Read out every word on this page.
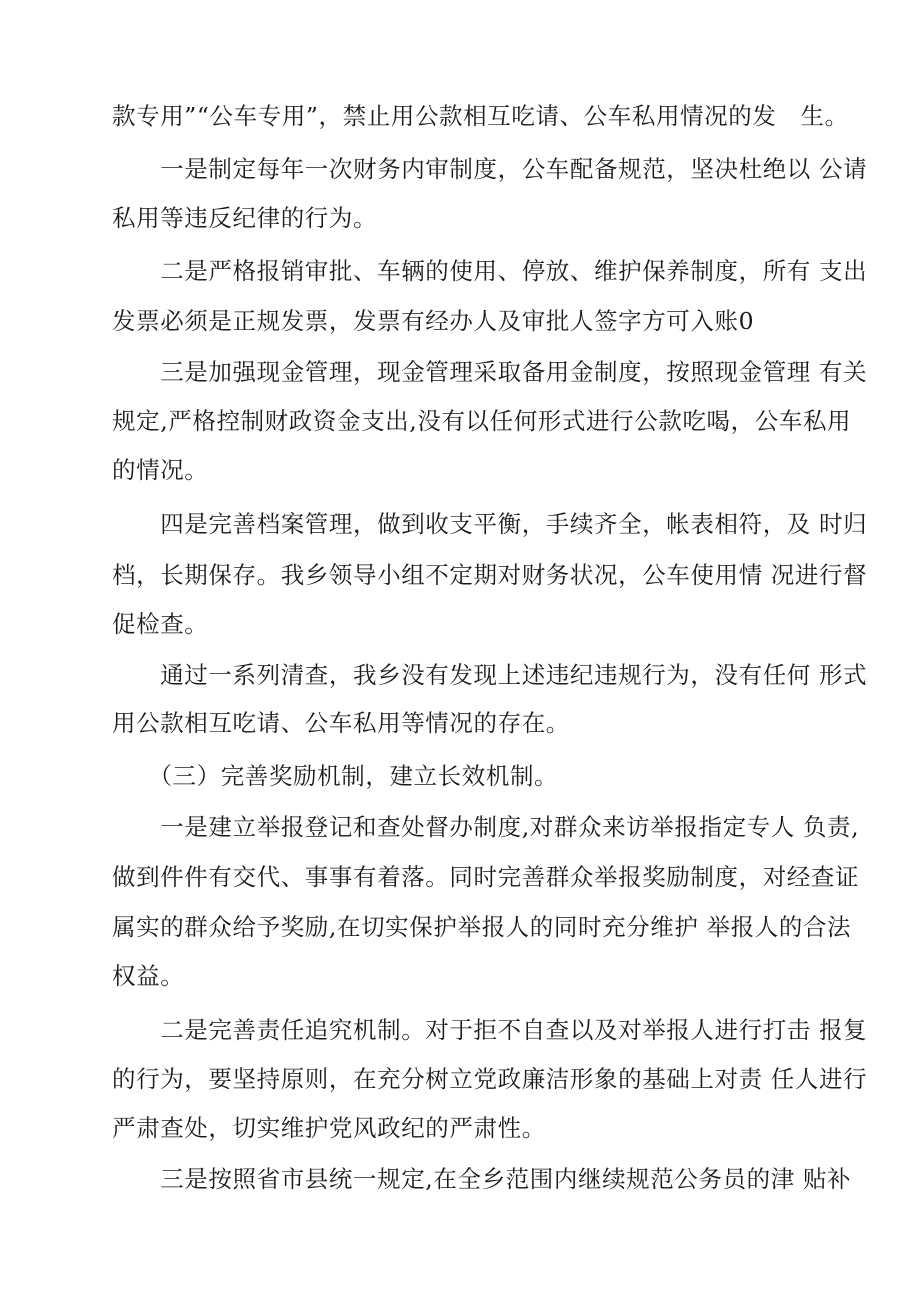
款专用”“公车专用”，禁止用公款相互吃请、公车私用情况的发　生。
　　一是制定每年一次财务内审制度，公车配备规范，坚决杜绝以 公请
私用等违反纪律的行为。
　　二是严格报销审批、车辆的使用、停放、维护保养制度，所有 支出
发票必须是正规发票，发票有经办人及审批人签字方可入账0
　　三是加强现金管理，现金管理采取备用金制度，按照现金管理 有关
规定,严格控制财政资金支出,没有以任何形式进行公款吃喝，公车私用
的情况。
　　四是完善档案管理，做到收支平衡，手续齐全，帐表相符，及 时归
档，长期保存。我乡领导小组不定期对财务状况，公车使用情 况进行督
促检查。
　　通过一系列清查，我乡没有发现上述违纪违规行为，没有任何 形式
用公款相互吃请、公车私用等情况的存在。
　　（三）完善奖励机制，建立长效机制。
　　一是建立举报登记和查处督办制度,对群众来访举报指定专人 负责,
做到件件有交代、事事有着落。同时完善群众举报奖励制度，对经查证
属实的群众给予奖励,在切实保护举报人的同时充分维护 举报人的合法
权益。
　　二是完善责任追究机制。对于拒不自查以及对举报人进行打击 报复
的行为，要坚持原则，在充分树立党政廉洁形象的基础上对责 任人进行
严肃查处，切实维护党风政纪的严肃性。
　　三是按照省市县统一规定,在全乡范围内继续规范公务员的津 贴补
